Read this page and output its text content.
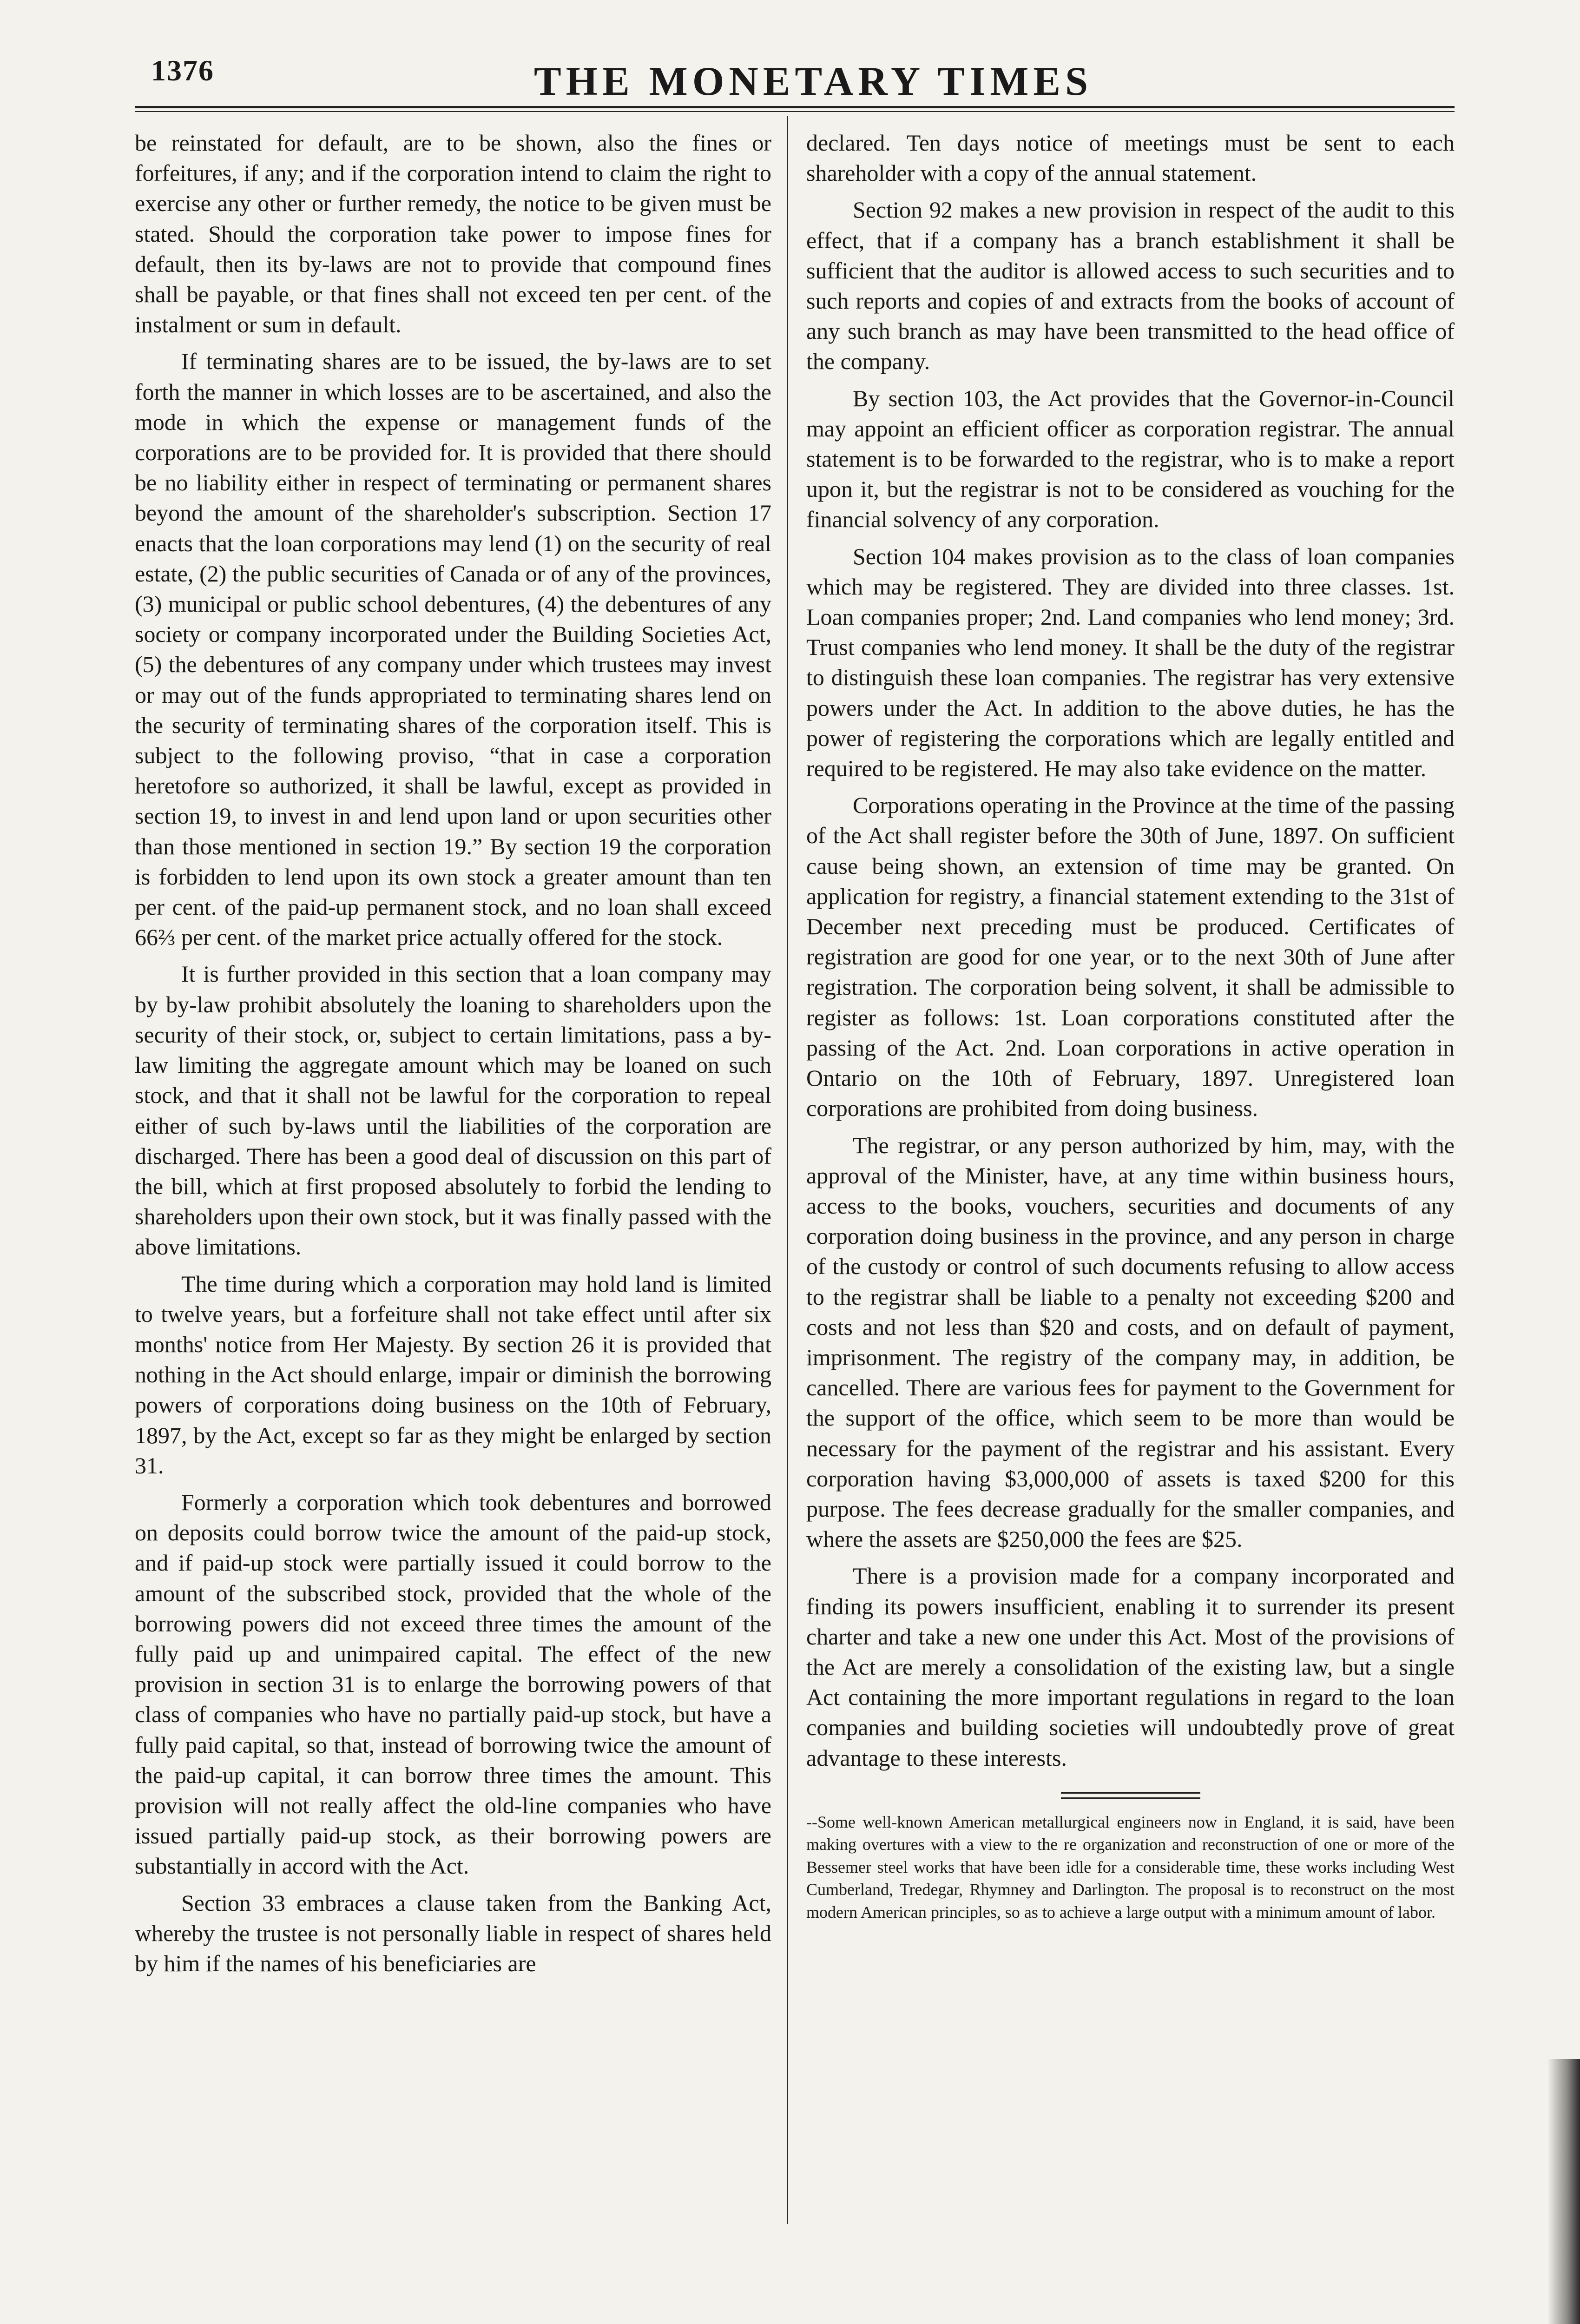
1376	THE MONETARY TIMES

be reinstated for default, are to be shown, also the fines or forfeitures, if any; and if the corporation intend to claim the right to exercise any other or further remedy, the notice to be given must be stated. Should the corporation take power to impose fines for default, then its by-laws are not to provide that compound fines shall be payable, or that fines shall not exceed ten per cent. of the instalment or sum in default.

If terminating shares are to be issued, the by-laws are to set forth the manner in which losses are to be ascertained, and also the mode in which the expense or management funds of the corporations are to be provided for. It is provided that there should be no liability either in respect of terminating or permanent shares beyond the amount of the shareholder's subscription. Section 17 enacts that the loan corporations may lend (1) on the security of real estate, (2) the public securities of Canada or of any of the provinces, (3) municipal or public school debentures, (4) the debentures of any society or company incorporated under the Building Societies Act, (5) the debentures of any company under which trustees may invest or may out of the funds appropriated to terminating shares lend on the security of terminating shares of the corporation itself. This is subject to the following proviso, “that in case a corporation heretofore so authorized, it shall be lawful, except as provided in section 19, to invest in and lend upon land or upon securities other than those mentioned in section 19.” By section 19 the corporation is forbidden to lend upon its own stock a greater amount than ten per cent. of the paid-up permanent stock, and no loan shall exceed 66⅔ per cent. of the market price actually offered for the stock.

It is further provided in this section that a loan company may by by-law prohibit absolutely the loaning to shareholders upon the security of their stock, or, subject to certain limitations, pass a by-law limiting the aggregate amount which may be loaned on such stock, and that it shall not be lawful for the corporation to repeal either of such by-laws until the liabilities of the corporation are discharged. There has been a good deal of discussion on this part of the bill, which at first proposed absolutely to forbid the lending to shareholders upon their own stock, but it was finally passed with the above limitations.

The time during which a corporation may hold land is limited to twelve years, but a forfeiture shall not take effect until after six months' notice from Her Majesty. By section 26 it is provided that nothing in the Act should enlarge, impair or diminish the borrowing powers of corporations doing business on the 10th of February, 1897, by the Act, except so far as they might be enlarged by section 31.

Formerly a corporation which took debentures and borrowed on deposits could borrow twice the amount of the paid-up stock, and if paid-up stock were partially issued it could borrow to the amount of the subscribed stock, provided that the whole of the borrowing powers did not exceed three times the amount of the fully paid up and unimpaired capital. The effect of the new provision in section 31 is to enlarge the borrowing powers of that class of companies who have no partially paid-up stock, but have a fully paid capital, so that, instead of borrowing twice the amount of the paid-up capital, it can borrow three times the amount. This provision will not really affect the old-line companies who have issued partially paid-up stock, as their borrowing powers are substantially in accord with the Act.

Section 33 embraces a clause taken from the Banking Act, whereby the trustee is not personally liable in respect of shares held by him if the names of his beneficiaries are

declared. Ten days notice of meetings must be sent to each shareholder with a copy of the annual statement.

Section 92 makes a new provision in respect of the audit to this effect, that if a company has a branch establishment it shall be sufficient that the auditor is allowed access to such securities and to such reports and copies of and extracts from the books of account of any such branch as may have been transmitted to the head office of the company.

By section 103, the Act provides that the Governor-in-Council may appoint an efficient officer as corporation registrar. The annual statement is to be forwarded to the registrar, who is to make a report upon it, but the registrar is not to be considered as vouching for the financial solvency of any corporation.

Section 104 makes provision as to the class of loan companies which may be registered. They are divided into three classes. 1st. Loan companies proper; 2nd. Land companies who lend money; 3rd. Trust companies who lend money. It shall be the duty of the registrar to distinguish these loan companies. The registrar has very extensive powers under the Act. In addition to the above duties, he has the power of registering the corporations which are legally entitled and required to be registered. He may also take evidence on the matter.

Corporations operating in the Province at the time of the passing of the Act shall register before the 30th of June, 1897. On sufficient cause being shown, an extension of time may be granted. On application for registry, a financial statement extending to the 31st of December next preceding must be produced. Certificates of registration are good for one year, or to the next 30th of June after registration. The corporation being solvent, it shall be admissible to register as follows: 1st. Loan corporations constituted after the passing of the Act. 2nd. Loan corporations in active operation in Ontario on the 10th of February, 1897. Unregistered loan corporations are prohibited from doing business.

The registrar, or any person authorized by him, may, with the approval of the Minister, have, at any time within business hours, access to the books, vouchers, securities and documents of any corporation doing business in the province, and any person in charge of the custody or control of such documents refusing to allow access to the registrar shall be liable to a penalty not exceeding $200 and costs and not less than $20 and costs, and on default of payment, imprisonment. The registry of the company may, in addition, be cancelled. There are various fees for payment to the Government for the support of the office, which seem to be more than would be necessary for the payment of the registrar and his assistant. Every corporation having $3,000,000 of assets is taxed $200 for this purpose. The fees decrease gradually for the smaller companies, and where the assets are $250,000 the fees are $25.

There is a provision made for a company incorporated and finding its powers insufficient, enabling it to surrender its present charter and take a new one under this Act. Most of the provisions of the Act are merely a consolidation of the existing law, but a single Act containing the more important regulations in regard to the loan companies and building societies will undoubtedly prove of great advantage to these interests.

--Some well-known American metallurgical engineers now in England, it is said, have been making overtures with a view to the re organization and reconstruction of one or more of the Bessemer steel works that have been idle for a considerable time, these works including West Cumberland, Tredegar, Rhymney and Darlington. The proposal is to reconstruct on the most modern American principles, so as to achieve a large output with a minimum amount of labor.
